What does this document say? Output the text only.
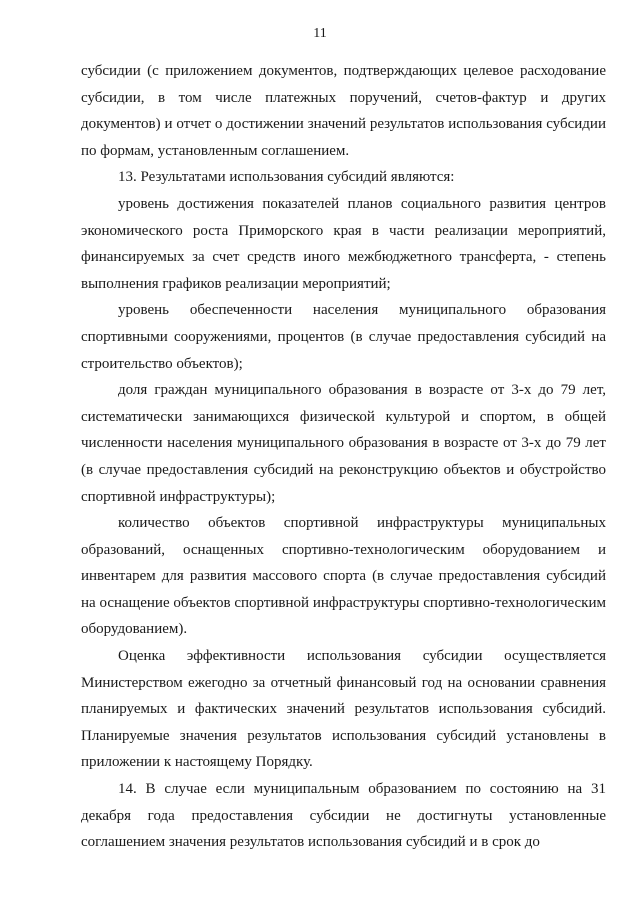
11

субсидии (с приложением документов, подтверждающих целевое расходование субсидии, в том числе платежных поручений, счетов-фактур и других документов) и отчет о достижении значений результатов использования субсидии по формам, установленным соглашением.

13. Результатами использования субсидий являются:

уровень достижения показателей планов социального развития центров экономического роста Приморского края в части реализации мероприятий, финансируемых за счет средств иного межбюджетного трансферта, - степень выполнения графиков реализации мероприятий;

уровень обеспеченности населения муниципального образования спортивными сооружениями, процентов (в случае предоставления субсидий на строительство объектов);

доля граждан муниципального образования в возрасте от 3-х до 79 лет, систематически занимающихся физической культурой и спортом, в общей численности населения муниципального образования в возрасте от 3-х до 79 лет (в случае предоставления субсидий на реконструкцию объектов и обустройство спортивной инфраструктуры);

количество объектов спортивной инфраструктуры муниципальных образований, оснащенных спортивно-технологическим оборудованием и инвентарем для развития массового спорта (в случае предоставления субсидий на оснащение объектов спортивной инфраструктуры спортивно-технологическим оборудованием).

Оценка эффективности использования субсидии осуществляется Министерством ежегодно за отчетный финансовый год на основании сравнения планируемых и фактических значений результатов использования субсидий. Планируемые значения результатов использования субсидий установлены в приложении к настоящему Порядку.

14. В случае если муниципальным образованием по состоянию на 31 декабря года предоставления субсидии не достигнуты установленные соглашением значения результатов использования субсидий и в срок до
